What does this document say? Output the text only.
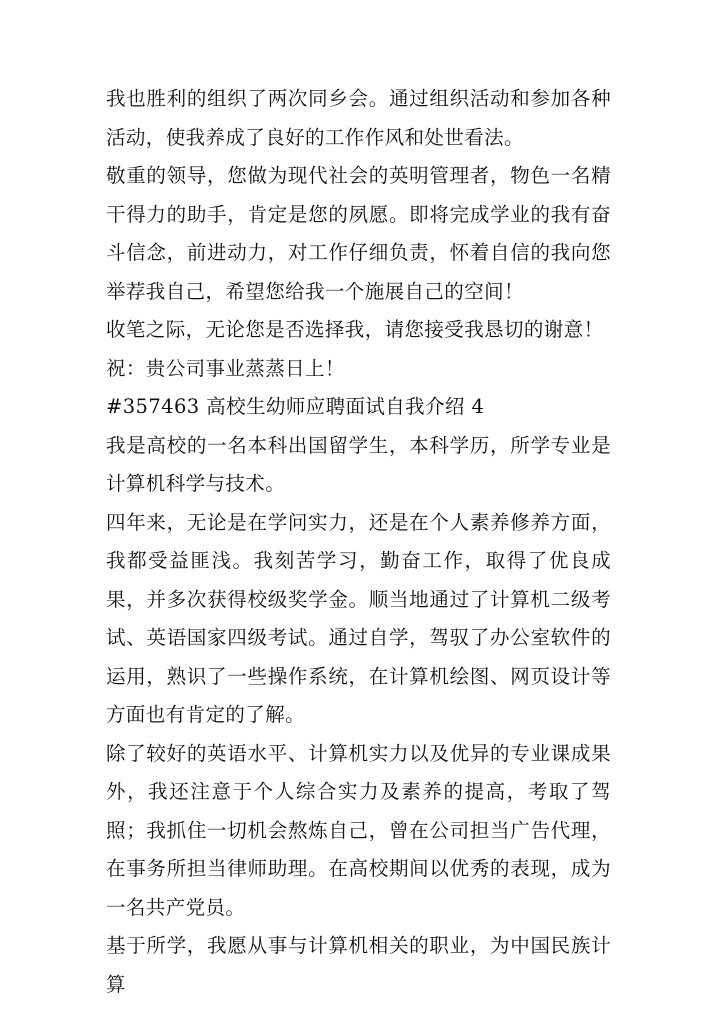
我也胜利的组织了两次同乡会。通过组织活动和参加各种活动，使我养成了良好的工作作风和处世看法。

敬重的领导，您做为现代社会的英明管理者，物色一名精干得力的助手，肯定是您的夙愿。即将完成学业的我有奋斗信念，前进动力，对工作仔细负责，怀着自信的我向您举荐我自己，希望您给我一个施展自己的空间！

收笔之际，无论您是否选择我，请您接受我恳切的谢意！

祝：贵公司事业蒸蒸日上！

#357463 高校生幼师应聘面试自我介绍 4

我是高校的一名本科出国留学生，本科学历，所学专业是计算机科学与技术。

四年来，无论是在学问实力，还是在个人素养修养方面，我都受益匪浅。我刻苦学习，勤奋工作，取得了优良成果，并多次获得校级奖学金。顺当地通过了计算机二级考试、英语国家四级考试。通过自学，驾驭了办公室软件的运用，熟识了一些操作系统，在计算机绘图、网页设计等方面也有肯定的了解。

除了较好的英语水平、计算机实力以及优异的专业课成果外，我还注意于个人综合实力及素养的提高，考取了驾照；我抓住一切机会熬炼自己，曾在公司担当广告代理，在事务所担当律师助理。在高校期间以优秀的表现，成为一名共产党员。

基于所学，我愿从事与计算机相关的职业，为中国民族计算
